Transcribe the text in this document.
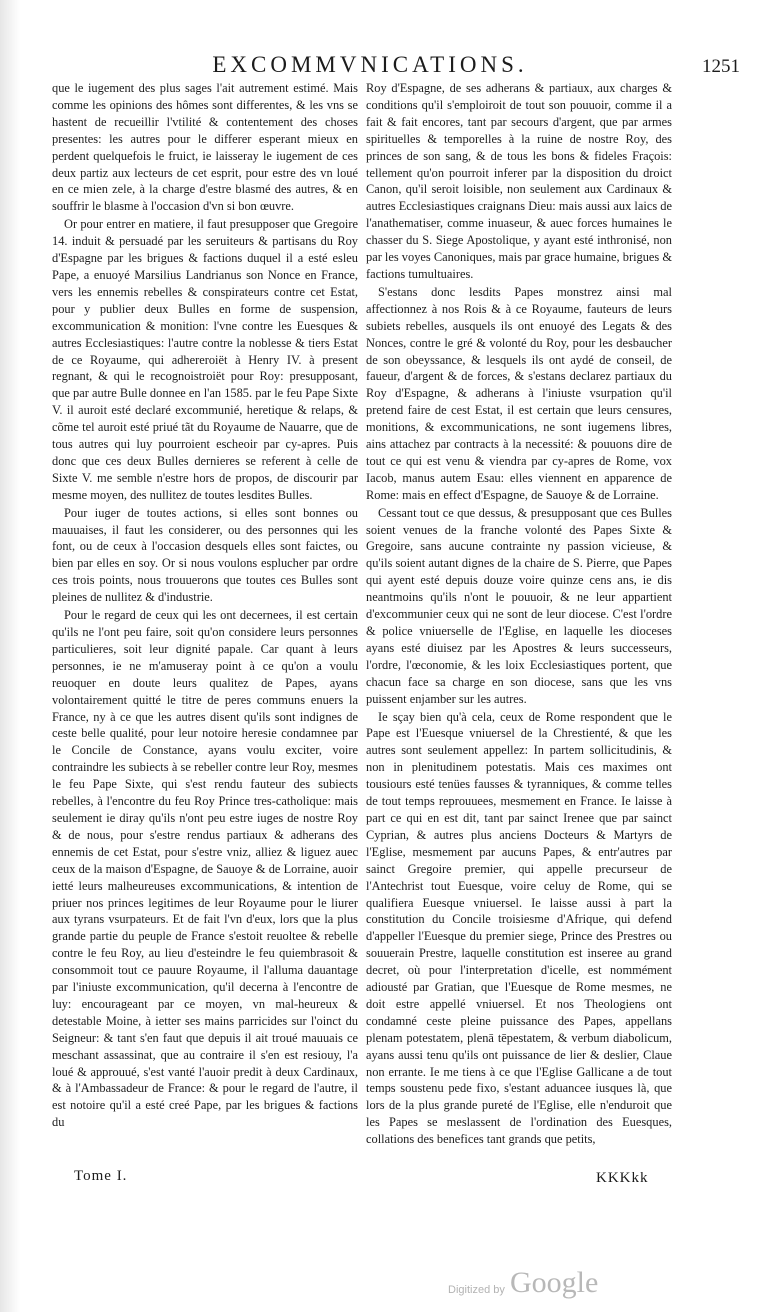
EXCOMMVNICATIONS.	1251

que le iugement des plus sages l'ait autrement estimé. Mais comme les opinions des hômes sont differentes, & les vns se hastent de recueillir l'vtilité & contentement des choses presentes: les autres pour le differer esperant mieux en perdent quelquefois le fruict, ie laisseray le iugement de ces deux partiz aux lecteurs de cet esprit, pour estre des vn loué en ce mien zele, à la charge d'estre blasmé des autres, & en souffrir le blasme à l'occasion d'vn si bon œuvre.

Or pour entrer en matiere, il faut presupposer que Gregoire 14. induit & persuadé par les seruiteurs & partisans du Roy d'Espagne par les brigues & factions duquel il a esté esleu Pape, a enuoyé Marsilius Landrianus son Nonce en France, vers les ennemis rebelles & conspirateurs contre cet Estat, pour y publier deux Bulles en forme de suspension, excommunication & monition: l'vne contre les Euesques & autres Ecclesiastiques: l'autre contre la noblesse & tiers Estat de ce Royaume, qui adhereroiët à Henry IV. à present regnant, & qui le recognoistroiët pour Roy: presupposant, que par autre Bulle donnee en l'an 1585. par le feu Pape Sixte V. il auroit esté declaré excommunié, heretique & relaps, & cõme tel auroit esté priué tãt du Royaume de Nauarre, que de tous autres qui luy pourroient escheoir par cy-apres. Puis donc que ces deux Bulles dernieres se referent à celle de Sixte V. me semble n'estre hors de propos, de discourir par mesme moyen, des nullitez de toutes lesdites Bulles.

Pour iuger de toutes actions, si elles sont bonnes ou mauuaises, il faut les considerer, ou des personnes qui les font, ou de ceux à l'occasion desquels elles sont faictes, ou bien par elles en soy. Or si nous voulons esplucher par ordre ces trois points, nous trouuerons que toutes ces Bulles sont pleines de nullitez & d'industrie.

Pour le regard de ceux qui les ont decernees, il est certain qu'ils ne l'ont peu faire, soit qu'on considere leurs personnes particulieres, soit leur dignité papale. Car quant à leurs personnes, ie ne m'amuseray point à ce qu'on a voulu reuoquer en doute leurs qualitez de Papes, ayans volontairement quitté le titre de peres communs enuers la France, ny à ce que les autres disent qu'ils sont indignes de ceste belle qualité, pour leur notoire heresie condamnee par le Concile de Constance, ayans voulu exciter, voire contraindre les subiects à se rebeller contre leur Roy, mesmes le feu Pape Sixte, qui s'est rendu fauteur des subiects rebelles, à l'encontre du feu Roy Prince tres-catholique: mais seulement ie diray qu'ils n'ont peu estre iuges de nostre Roy & de nous, pour s'estre rendus partiaux & adherans des ennemis de cet Estat, pour s'estre vniz, alliez & liguez auec ceux de la maison d'Espagne, de Sauoye & de Lorraine, auoir ietté leurs malheureuses excommunications, & intention de priuer nos princes legitimes de leur Royaume pour le liurer aux tyrans vsurpateurs. Et de fait l'vn d'eux, lors que la plus grande partie du peuple de France s'estoit reuoltee & rebelle contre le feu Roy, au lieu d'esteindre le feu quiembrasoit & consommoit tout ce pauure Royaume, il l'alluma dauantage par l'iniuste excommunication, qu'il decerna à l'encontre de luy: encourageant par ce moyen, vn mal-heureux & detestable Moine, à ietter ses mains parricides sur l'oinct du Seigneur: & tant s'en faut que depuis il ait troué mauuais ce meschant assassinat, que au contraire il s'en est resiouy, l'a loué & approuué, s'est vanté l'auoir predit à deux Cardinaux, & à l'Ambassadeur de France: & pour le regard de l'autre, il est notoire qu'il a esté creé Pape, par les brigues & factions du

Roy d'Espagne, de ses adherans & partiaux, aux charges & conditions qu'il s'emploiroit de tout son pouuoir, comme il a fait & fait encores, tant par secours d'argent, que par armes spirituelles & temporelles à la ruine de nostre Roy, des princes de son sang, & de tous les bons & fideles Fraçois: tellement qu'on pourroit inferer par la disposition du droict Canon, qu'il seroit loisible, non seulement aux Cardinaux & autres Ecclesiastiques craignans Dieu: mais aussi aux laics de l'anathematiser, comme inuaseur, & auec forces humaines le chasser du S. Siege Apostolique, y ayant esté inthronisé, non par les voyes Canoniques, mais par grace humaine, brigues & factions tumultuaires.

S'estans donc lesdits Papes monstrez ainsi mal affectionnez à nos Rois & à ce Royaume, fauteurs de leurs subiets rebelles, ausquels ils ont enuoyé des Legats & des Nonces, contre le gré & volonté du Roy, pour les desbaucher de son obeyssance, & lesquels ils ont aydé de conseil, de faueur, d'argent & de forces, & s'estans declarez partiaux du Roy d'Espagne, & adherans à l'iniuste vsurpation qu'il pretend faire de cest Estat, il est certain que leurs censures, monitions, & excommunications, ne sont iugemens libres, ains attachez par contracts à la necessité: & pouuons dire de tout ce qui est venu & viendra par cy-apres de Rome, vox Iacob, manus autem Esau: elles viennent en apparence de Rome: mais en effect d'Espagne, de Sauoye & de Lorraine.

Cessant tout ce que dessus, & presupposant que ces Bulles soient venues de la franche volonté des Papes Sixte & Gregoire, sans aucune contrainte ny passion vicieuse, & qu'ils soient autant dignes de la chaire de S. Pierre, que Papes qui ayent esté depuis douze voire quinze cens ans, ie dis neantmoins qu'ils n'ont le pouuoir, & ne leur appartient d'excommunier ceux qui ne sont de leur diocese. C'est l'ordre & police vniuerselle de l'Eglise, en laquelle les dioceses ayans esté diuisez par les Apostres & leurs successeurs, l'ordre, l'œconomie, & les loix Ecclesiastiques portent, que chacun face sa charge en son diocese, sans que les vns puissent enjamber sur les autres.

Ie sçay bien qu'à cela, ceux de Rome respondent que le Pape est l'Euesque vniuersel de la Chrestienté, & que les autres sont seulement appellez: In partem sollicitudinis, & non in plenitudinem potestatis. Mais ces maximes ont tousiours esté tenües fausses & tyranniques, & comme telles de tout temps reprouuees, mesmement en France. Ie laisse à part ce qui en est dit, tant par sainct Irenee que par sainct Cyprian, & autres plus anciens Docteurs & Martyrs de l'Eglise, mesmement par aucuns Papes, & entr'autres par sainct Gregoire premier, qui appelle precurseur de l'Antechrist tout Euesque, voire celuy de Rome, qui se qualifiera Euesque vniuersel. Ie laisse aussi à part la constitution du Concile troisiesme d'Afrique, qui defend d'appeller l'Euesque du premier siege, Prince des Prestres ou souuerain Prestre, laquelle constitution est inseree au grand decret, où pour l'interpretation d'icelle, est nommément adiousté par Gratian, que l'Euesque de Rome mesmes, ne doit estre appellé vniuersel. Et nos Theologiens ont condamné ceste pleine puissance des Papes, appellans plenam potestatem, plenā tēpestatem, & verbum diabolicum, ayans aussi tenu qu'ils ont puissance de lier & deslier, Claue non errante. Ie me tiens à ce que l'Eglise Gallicane a de tout temps soustenu pede fixo, s'estant aduancee iusques là, que lors de la plus grande pureté de l'Eglise, elle n'enduroit que les Papes se meslassent de l'ordination des Euesques, collations des benefices tant grands que petits,

Tome I.	KKKkk
Digitized by Google
